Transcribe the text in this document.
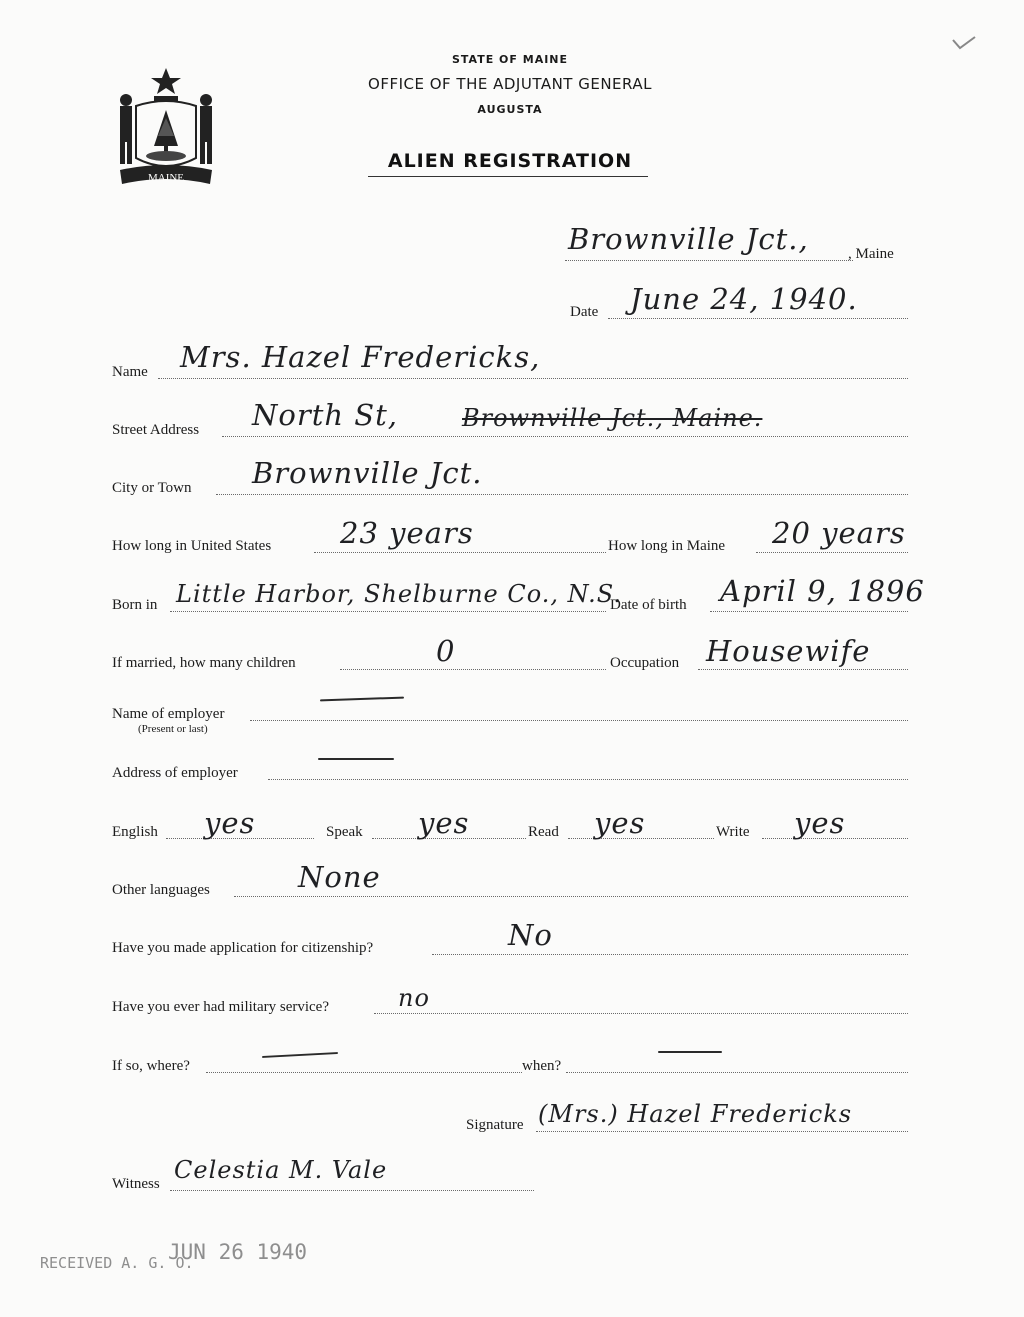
MAINE
STATE OF MAINE
OFFICE OF THE ADJUTANT GENERAL
AUGUSTA
ALIEN REGISTRATION
Brownville Jct.,	, Maine
Date June 24, 1940.
Name Mrs. Hazel Fredericks,
Street Address North St,	Brownville Jct., Maine.
City or Town Brownville Jct.
How long in United States 23 years	How long in Maine 20 years
Born in Little Harbor, Shelburne Co., N.S.
Date of birth April 9, 1896
If married, how many children	0	Occupation Housewife
Name of employer
(Present or last)
Address of employer
English yes	Speak yes	Read yes	Write yes
Other languages	None
Have you made application for citizenship?	No
Have you ever had military service?	no
If so, where?	when?
Signature (Mrs.) Hazel Fredericks
Witness Celestia M. Vale
RECEIVED A. G. O.
JUN 26 1940
